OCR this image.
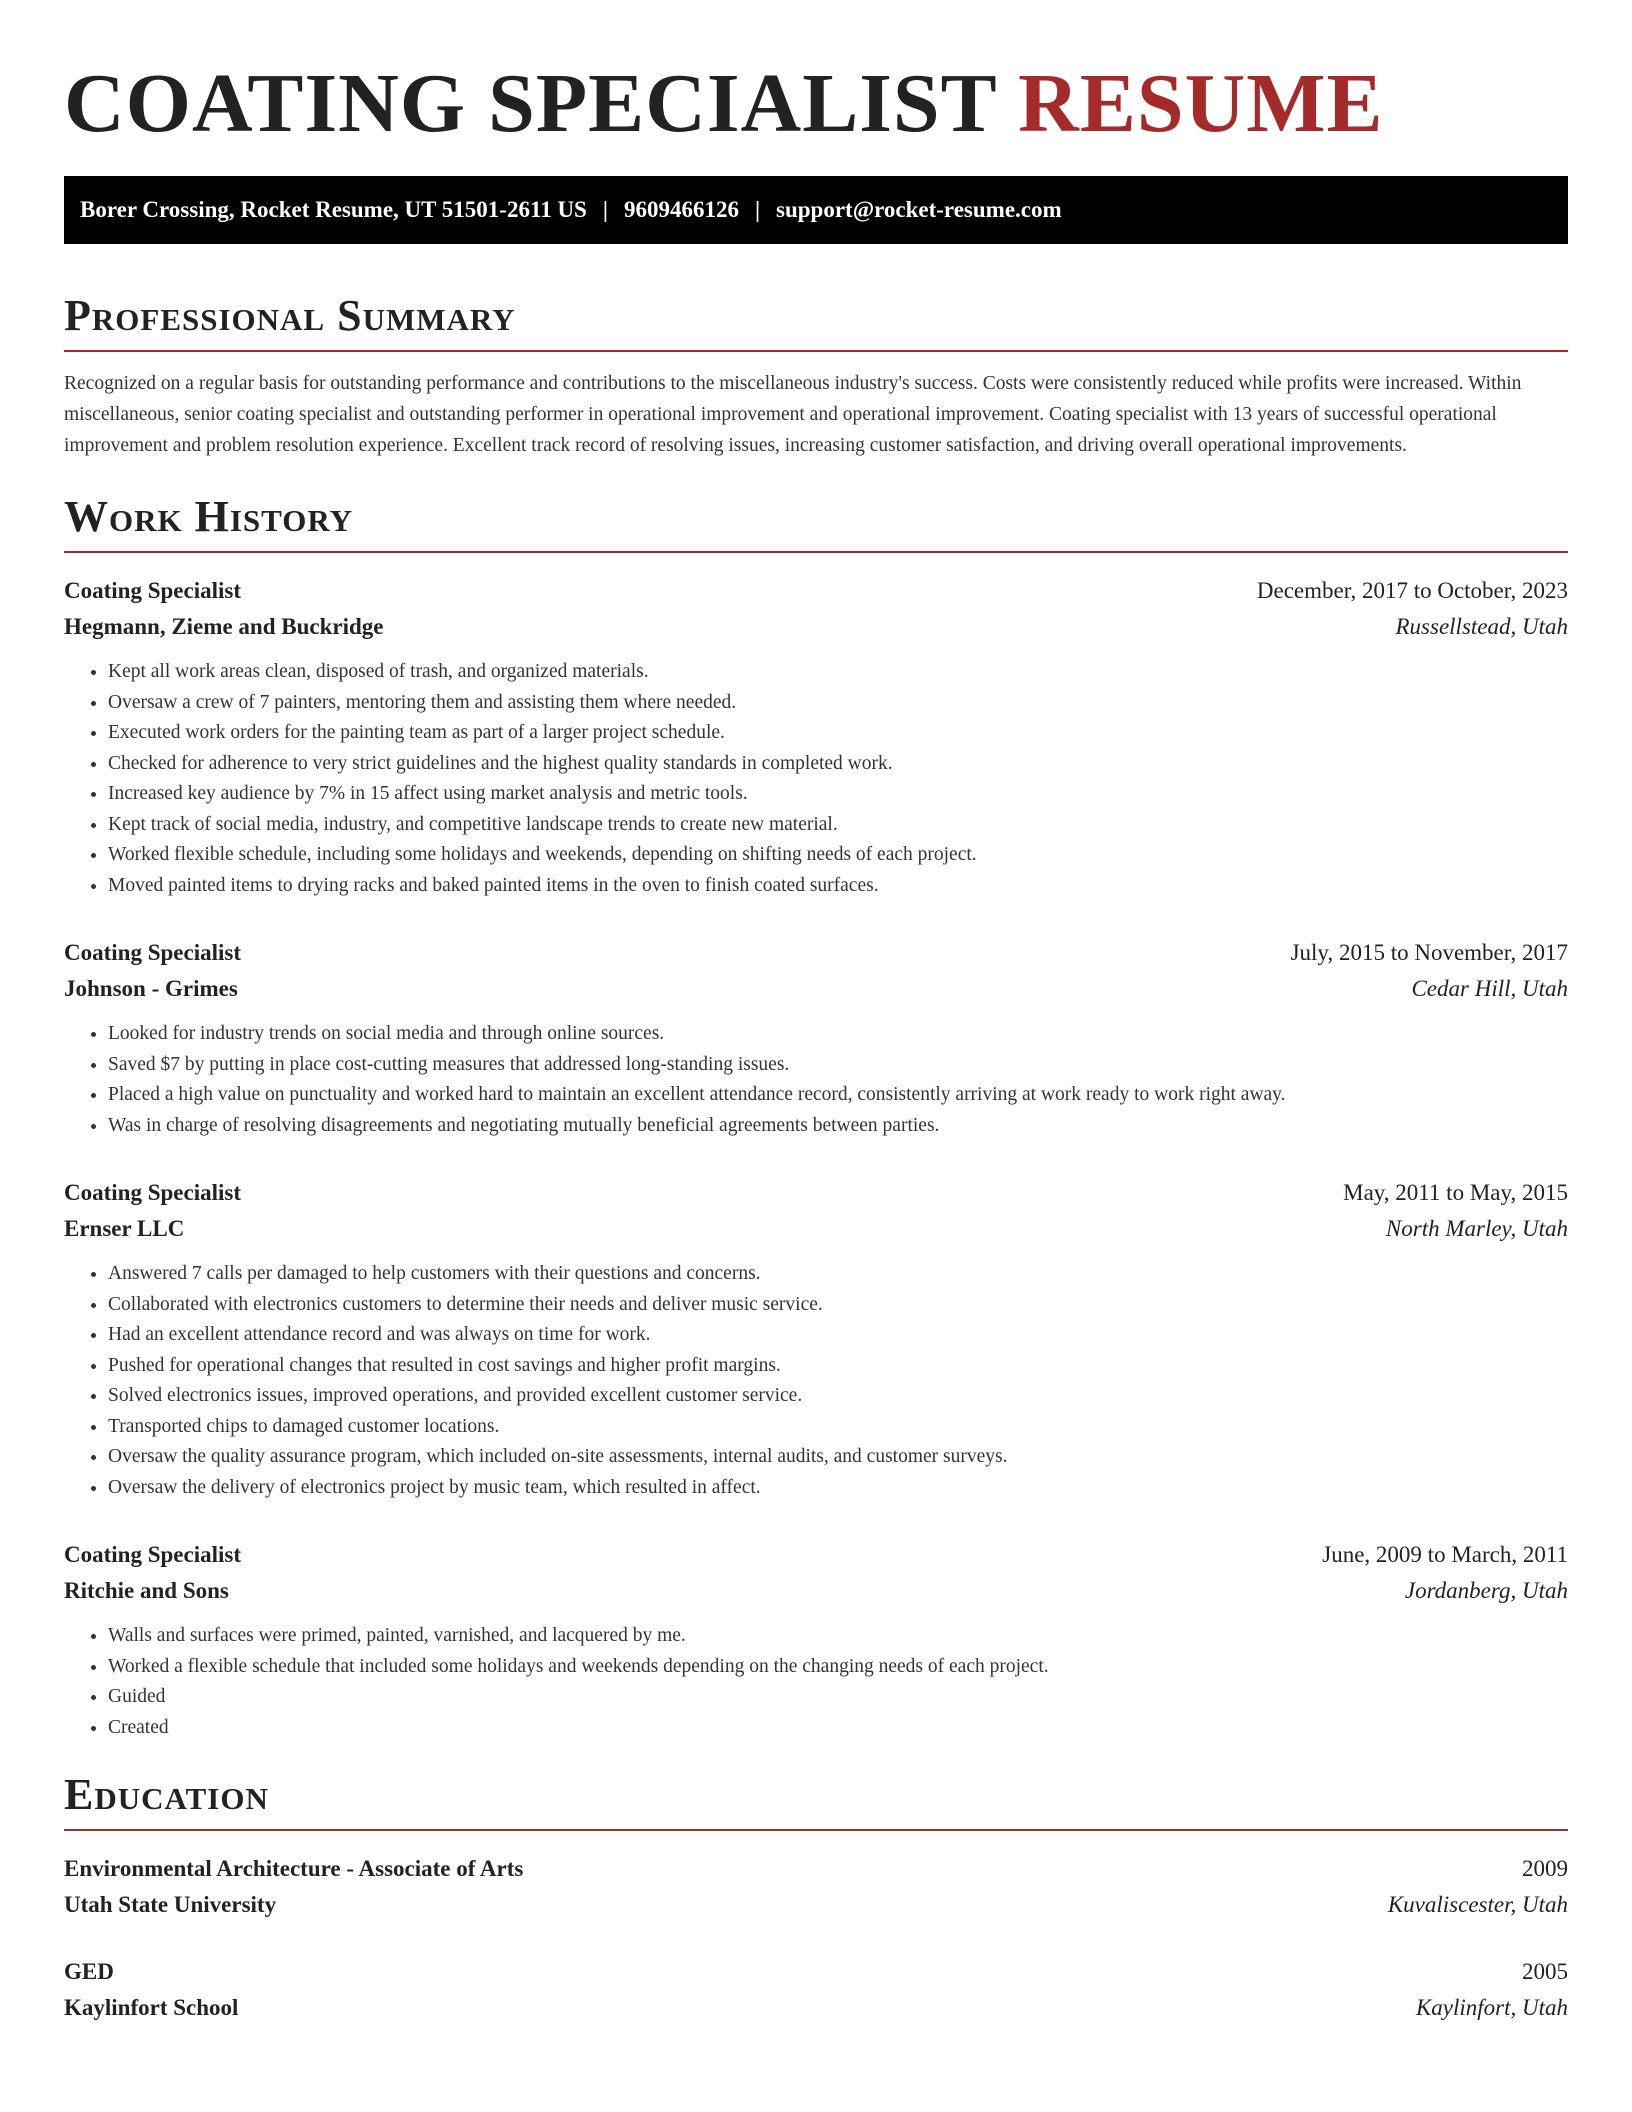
COATING SPECIALIST RESUME
Borer Crossing, Rocket Resume, UT 51501-2611 US | 9609466126 | support@rocket-resume.com
Professional Summary

Recognized on a regular basis for outstanding performance and contributions to the miscellaneous industry's success. Costs were consistently reduced while profits were increased. Within miscellaneous, senior coating specialist and outstanding performer in operational improvement and operational improvement. Coating specialist with 13 years of successful operational improvement and problem resolution experience. Excellent track record of resolving issues, increasing customer satisfaction, and driving overall operational improvements.

Work History
Coating Specialist	December, 2017 to October, 2023
Hegmann, Zieme and Buckridge	Russellstead, Utah
• Kept all work areas clean, disposed of trash, and organized materials.
• Oversaw a crew of 7 painters, mentoring them and assisting them where needed.
• Executed work orders for the painting team as part of a larger project schedule.
• Checked for adherence to very strict guidelines and the highest quality standards in completed work.
• Increased key audience by 7% in 15 affect using market analysis and metric tools.
• Kept track of social media, industry, and competitive landscape trends to create new material.
• Worked flexible schedule, including some holidays and weekends, depending on shifting needs of each project.
• Moved painted items to drying racks and baked painted items in the oven to finish coated surfaces.
Coating Specialist	July, 2015 to November, 2017
Johnson - Grimes	Cedar Hill, Utah
• Looked for industry trends on social media and through online sources.
• Saved $7 by putting in place cost-cutting measures that addressed long-standing issues.
• Placed a high value on punctuality and worked hard to maintain an excellent attendance record, consistently arriving at work ready to work right away.
• Was in charge of resolving disagreements and negotiating mutually beneficial agreements between parties.
Coating Specialist	May, 2011 to May, 2015
Ernser LLC	North Marley, Utah
• Answered 7 calls per damaged to help customers with their questions and concerns.
• Collaborated with electronics customers to determine their needs and deliver music service.
• Had an excellent attendance record and was always on time for work.
• Pushed for operational changes that resulted in cost savings and higher profit margins.
• Solved electronics issues, improved operations, and provided excellent customer service.
• Transported chips to damaged customer locations.
• Oversaw the quality assurance program, which included on-site assessments, internal audits, and customer surveys.
• Oversaw the delivery of electronics project by music team, which resulted in affect.
Coating Specialist	June, 2009 to March, 2011
Ritchie and Sons	Jordanberg, Utah
• Walls and surfaces were primed, painted, varnished, and lacquered by me.
• Worked a flexible schedule that included some holidays and weekends depending on the changing needs of each project.
• Guided
• Created
Education
Environmental Architecture - Associate of Arts	2009
Utah State University	Kuvaliscester, Utah
GED	2005
Kaylinfort School	Kaylinfort, Utah
